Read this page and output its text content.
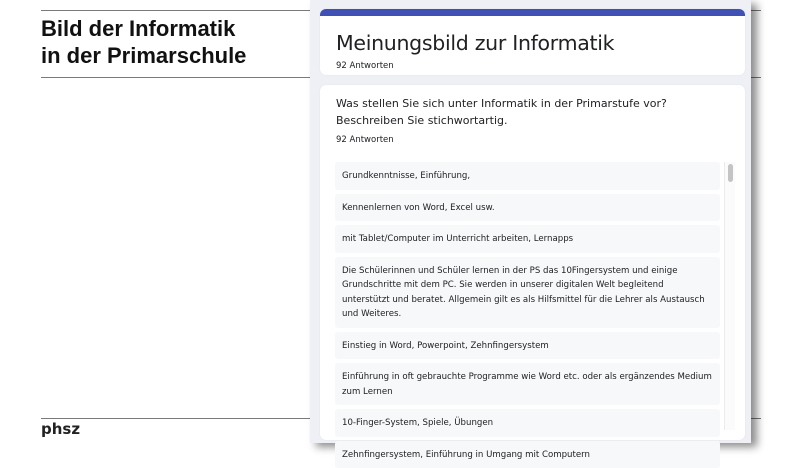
Bild der Informatik
in der Primarschule
phsz
Meinungsbild zur Informatik
92 Antworten
Was stellen Sie sich unter Informatik in der Primarstufe vor? Beschreiben Sie stichwortartig.
92 Antworten
Grundkenntnisse, Einführung,
Kennenlernen von Word, Excel usw.
mit Tablet/Computer im Unterricht arbeiten, Lernapps
Die Schülerinnen und Schüler lernen in der PS das 10Fingersystem und einige Grundschritte mit dem PC. Sie werden in unserer digitalen Welt begleitend unterstützt und beratet. Allgemein gilt es als Hilfsmittel für die Lehrer als Austausch und Weiteres.
Einstieg in Word, Powerpoint, Zehnfingersystem
Einführung in oft gebrauchte Programme wie Word etc. oder als ergänzendes Medium zum Lernen
10-Finger-System, Spiele, Übungen
Zehnfingersystem, Einführung in Umgang mit Computern
